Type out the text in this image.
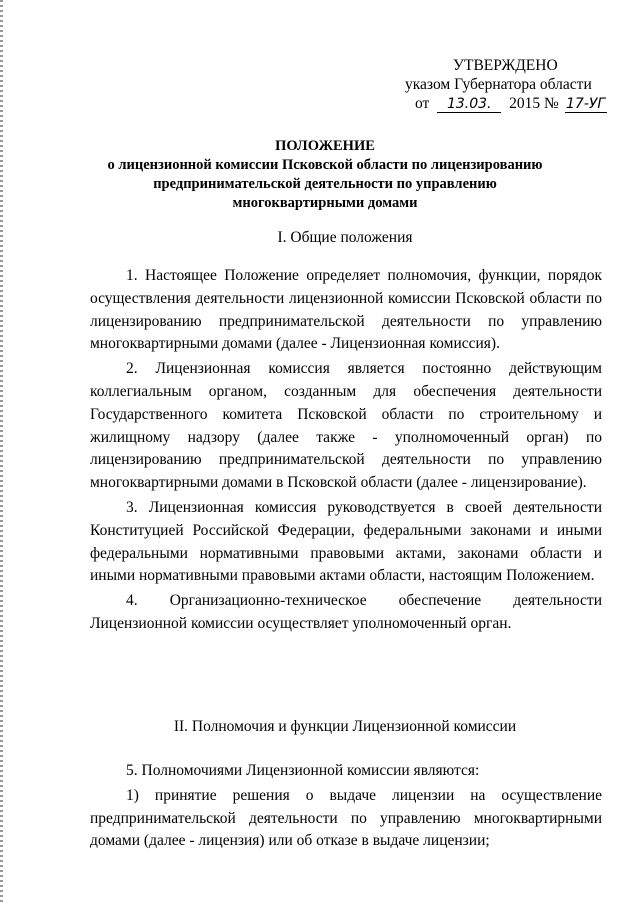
УТВЕРЖДЕНО
указом Губернатора области
от 13.03. 2015 № 17-УГ
ПОЛОЖЕНИЕ
о лицензионной комиссии Псковской области по лицензированию
предпринимательской деятельности по управлению
многоквартирными домами
I. Общие положения

1. Настоящее Положение определяет полномочия, функции, порядок осуществления деятельности лицензионной комиссии Псковской области по лицензированию предпринимательской деятельности по управлению многоквартирными домами (далее - Лицензионная комиссия).

2. Лицензионная комиссия является постоянно действующим коллегиальным органом, созданным для обеспечения деятельности Государственного комитета Псковской области по строительному и жилищному надзору (далее также - уполномоченный орган) по лицензированию предпринимательской деятельности по управлению многоквартирными домами в Псковской области (далее - лицензирование).

3. Лицензионная комиссия руководствуется в своей деятельности Конституцией Российской Федерации, федеральными законами и иными федеральными нормативными правовыми актами, законами области и иными нормативными правовыми актами области, настоящим Положением.

4. Организационно-техническое обеспечение деятельности Лицензионной комиссии осуществляет уполномоченный орган.

II. Полномочия и функции Лицензионной комиссии

5. Полномочиями Лицензионной комиссии являются:

1) принятие решения о выдаче лицензии на осуществление предпринимательской деятельности по управлению многоквартирными домами (далее - лицензия) или об отказе в выдаче лицензии;
